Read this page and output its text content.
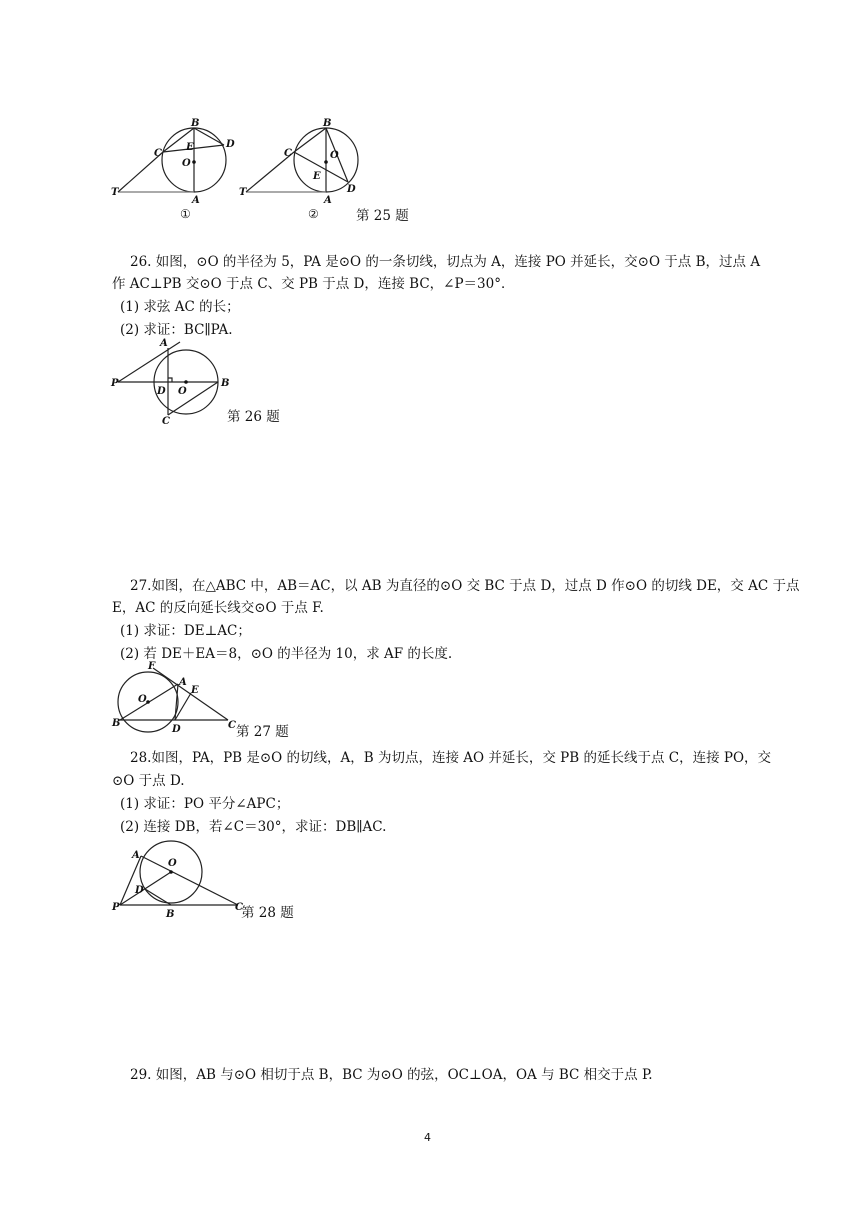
B
D
C
E
O
T
A
①
B
C	O
E
D
T
A
②	第 25 题
26. 如图，⊙O 的半径为 5，PA 是⊙O 的一条切线，切点为 A，连接 PO 并延长，交⊙O 于点 B，过点 A
作 AC⊥PB 交⊙O 于点 C、交 PB 于点 D，连接 BC，∠P＝30°．
(1) 求弦 AC 的长；
(2) 求证：BC∥PA.
A
P
D O
B
C	第 26 题
27.如图，在△ABC 中，AB＝AC，以 AB 为直径的⊙O 交 BC 于点 D，过点 D 作⊙O 的切线 DE，交 AC 于点
E，AC 的反向延长线交⊙O 于点 F.
(1) 求证：DE⊥AC；
(2) 若 DE＋EA＝8，⊙O 的半径为 10，求 AF 的长度.
F
A
E
O
B
D	C 第 27 题
28.如图，PA，PB 是⊙O 的切线，A，B 为切点，连接 AO 并延长，交 PB 的延长线于点 C，连接 PO，交
⊙O 于点 D.
(1) 求证：PO 平分∠APC；
(2) 连接 DB，若∠C＝30°，求证：DB∥AC.
A
O
D
P
B
C
第 28 题
29. 如图，AB 与⊙O 相切于点 B，BC 为⊙O 的弦，OC⊥OA，OA 与 BC 相交于点 P.
4
